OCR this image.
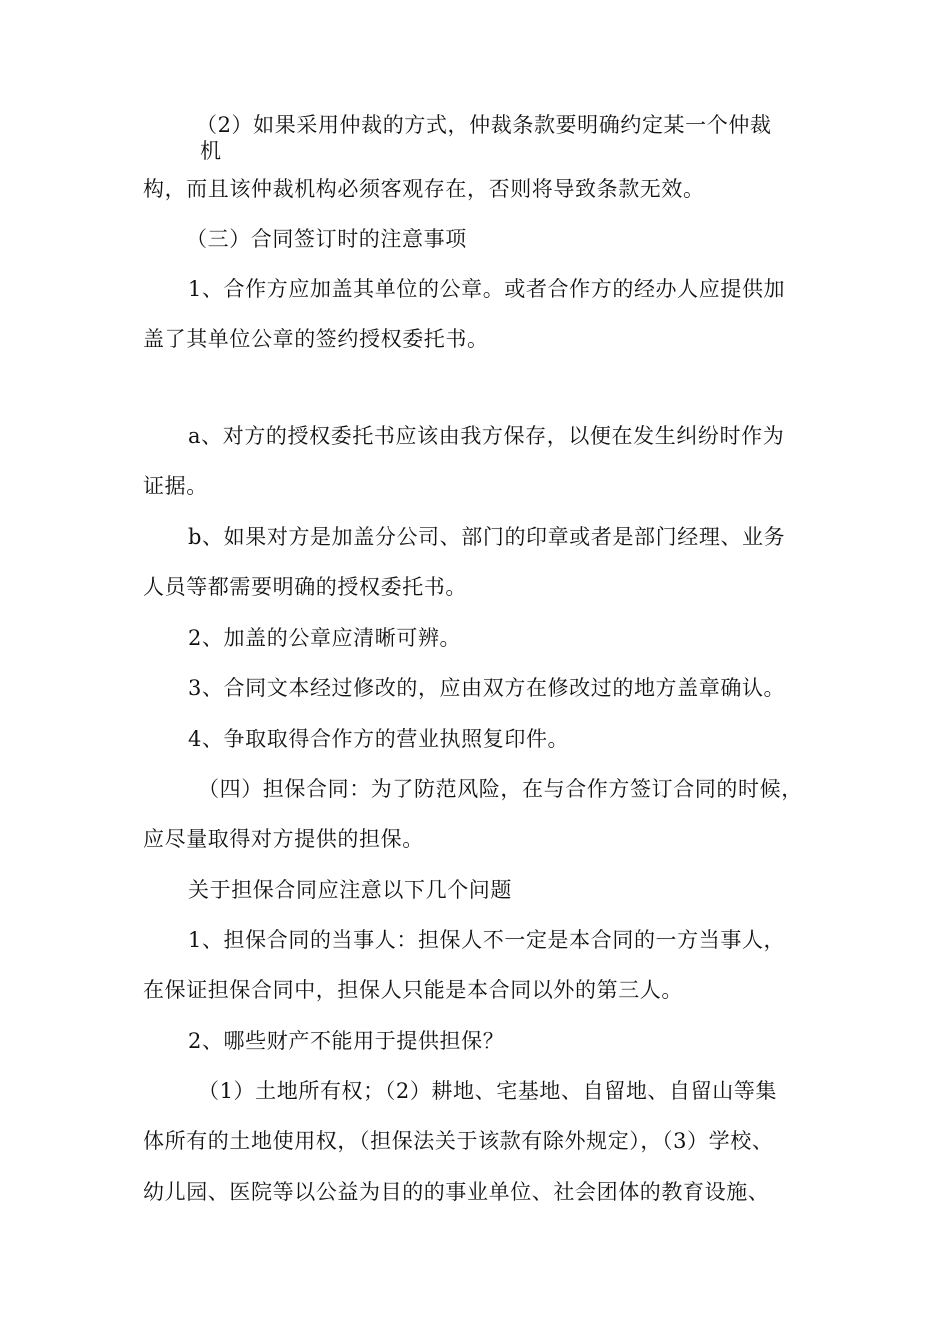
（2）如果采用仲裁的方式，仲裁条款要明确约定某一个仲裁
机
构，而且该仲裁机构必须客观存在，否则将导致条款无效。
（三）合同签订时的注意事项
1、合作方应加盖其单位的公章。或者合作方的经办人应提供加
盖了其单位公章的签约授权委托书。
a、对方的授权委托书应该由我方保存，以便在发生纠纷时作为
证据。
b、如果对方是加盖分公司、部门的印章或者是部门经理、业务
人员等都需要明确的授权委托书。
2、加盖的公章应清晰可辨。
3、合同文本经过修改的，应由双方在修改过的地方盖章确认。
4、争取取得合作方的营业执照复印件。
（四）担保合同：为了防范风险，在与合作方签订合同的时候，
应尽量取得对方提供的担保。
关于担保合同应注意以下几个问题
1、担保合同的当事人：担保人不一定是本合同的一方当事人，
在保证担保合同中，担保人只能是本合同以外的第三人。
2、哪些财产不能用于提供担保？
（1）土地所有权；（2）耕地、宅基地、自留地、自留山等集
体所有的土地使用权，（担保法关于该款有除外规定），（3）学校、
幼儿园、医院等以公益为目的的事业单位、社会团体的教育设施、
